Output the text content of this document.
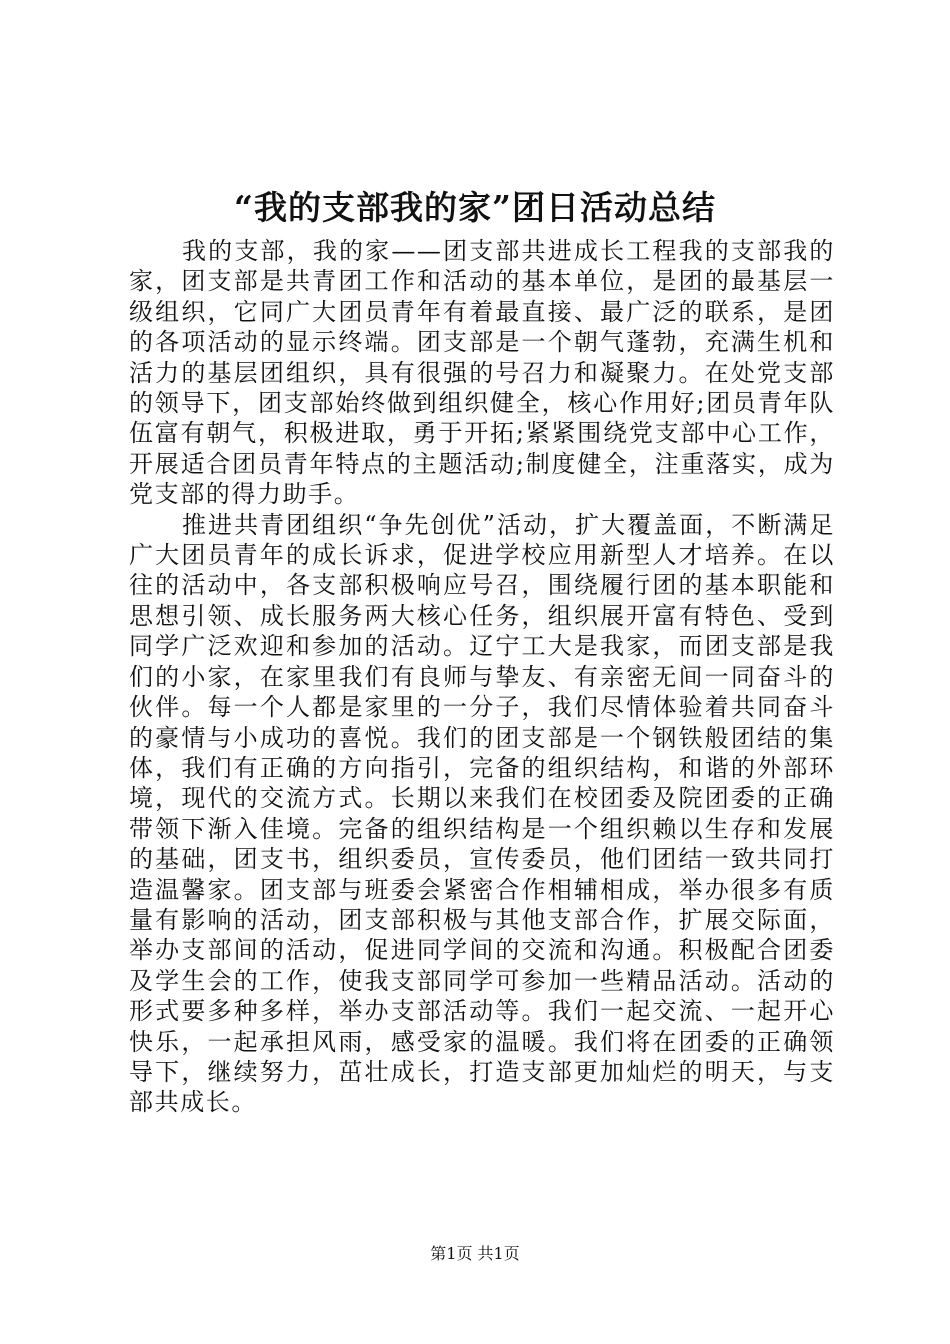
“我的支部我的家”团日活动总结

我的支部，我的家——团支部共进成长工程我的支部我的家，团支部是共青团工作和活动的基本单位，是团的最基层一级组织，它同广大团员青年有着最直接、最广泛的联系，是团的各项活动的显示终端。团支部是一个朝气蓬勃，充满生机和活力的基层团组织，具有很强的号召力和凝聚力。在处党支部的领导下，团支部始终做到组织健全，核心作用好;团员青年队伍富有朝气，积极进取，勇于开拓;紧紧围绕党支部中心工作，开展适合团员青年特点的主题活动;制度健全，注重落实，成为党支部的得力助手。

推进共青团组织“争先创优”活动，扩大覆盖面，不断满足广大团员青年的成长诉求，促进学校应用新型人才培养。在以往的活动中，各支部积极响应号召，围绕履行团的基本职能和思想引领、成长服务两大核心任务，组织展开富有特色、受到同学广泛欢迎和参加的活动。辽宁工大是我家，而团支部是我们的小家，在家里我们有良师与挚友、有亲密无间一同奋斗的伙伴。每一个人都是家里的一分子，我们尽情体验着共同奋斗的豪情与小成功的喜悦。我们的团支部是一个钢铁般团结的集体，我们有正确的方向指引，完备的组织结构，和谐的外部环境，现代的交流方式。长期以来我们在校团委及院团委的正确带领下渐入佳境。完备的组织结构是一个组织赖以生存和发展的基础，团支书，组织委员，宣传委员，他们团结一致共同打造温馨家。团支部与班委会紧密合作相辅相成，举办很多有质量有影响的活动，团支部积极与其他支部合作，扩展交际面，举办支部间的活动，促进同学间的交流和沟通。积极配合团委及学生会的工作，使我支部同学可参加一些精品活动。活动的形式要多种多样，举办支部活动等。我们一起交流、一起开心快乐，一起承担风雨，感受家的温暖。我们将在团委的正确领导下，继续努力，茁壮成长，打造支部更加灿烂的明天，与支部共成长。

第1页 共1页
